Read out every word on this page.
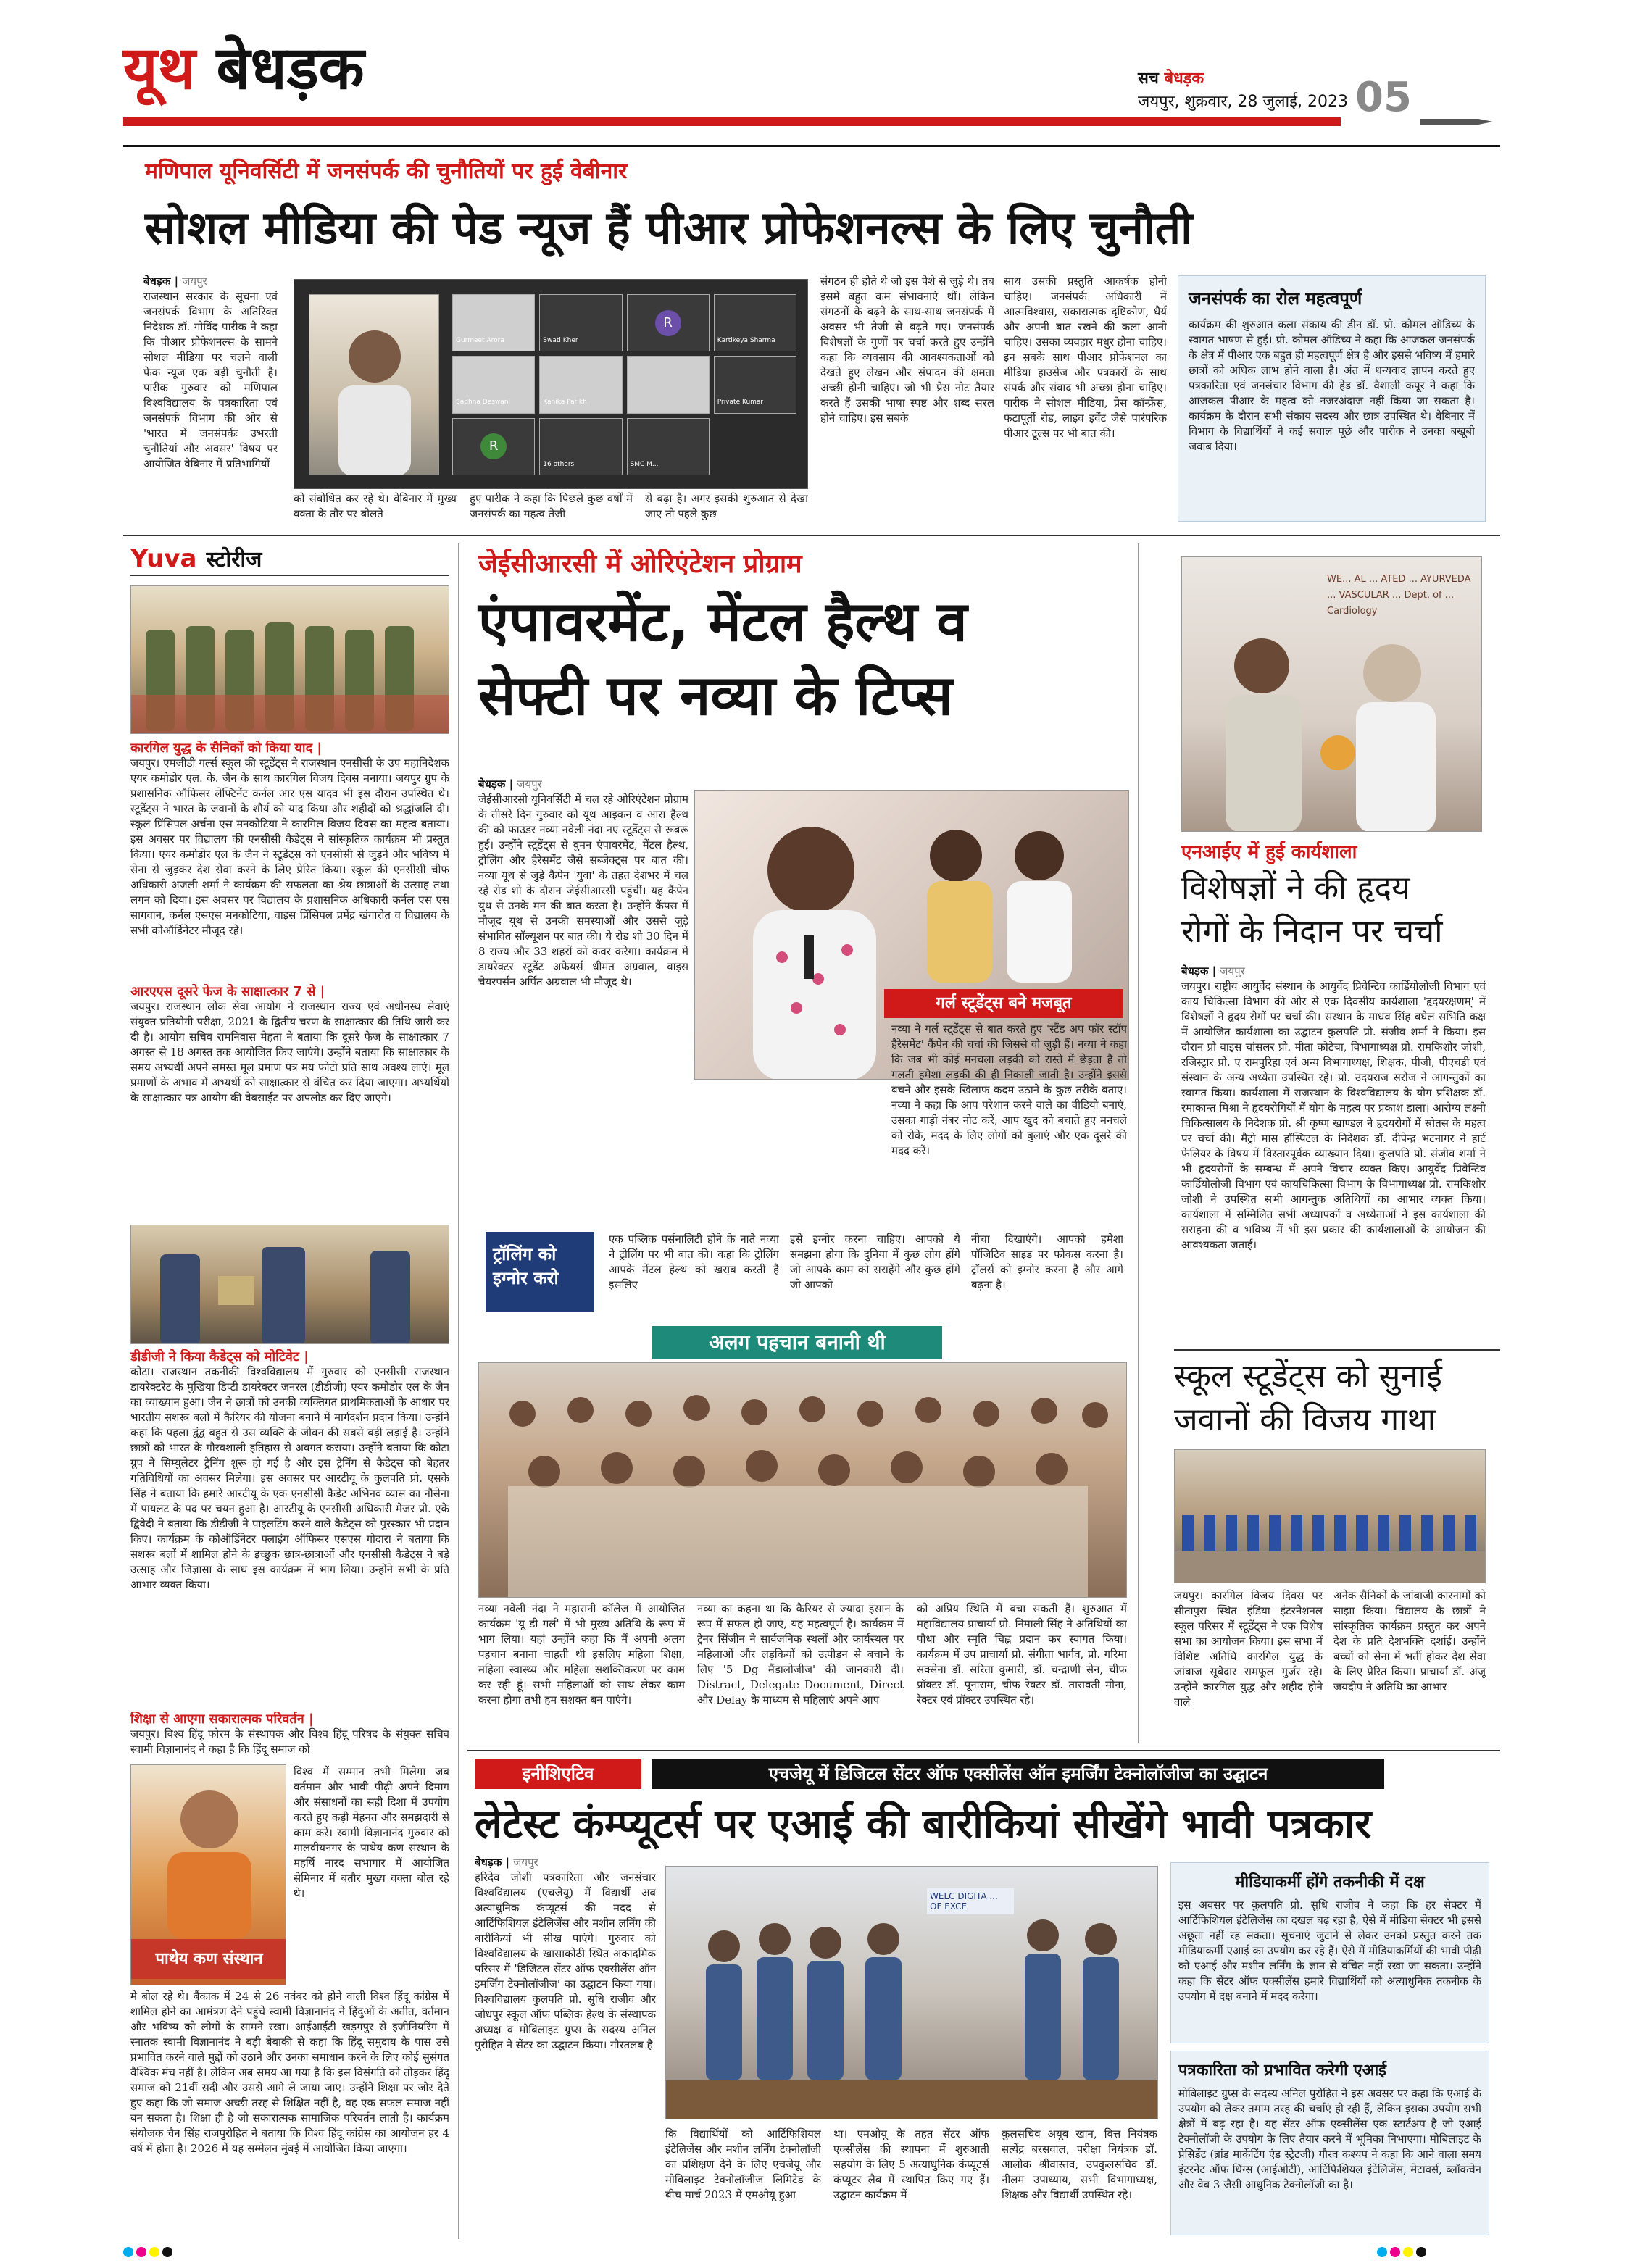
यूथ बेधड़क	सच बेधड़क
जयपुर, शुक्रवार, 28 जुलाई, 2023 05
मणिपाल यूनिवर्सिटी में जनसंपर्क की चुनौतियों पर हुई वेबीनार
सोशल मीडिया की पेड न्यूज हैं पीआर प्रोफेशनल्स के लिए चुनौती
बेधड़क | जयपुर
राजस्थान सरकार के सूचना एवं जनसंपर्क विभाग के अतिरिक्त निदेशक डॉ. गोविंद पारीक ने कहा कि पीआर प्रोफेशनल्स के सामने सोशल मीडिया पर चलने वाली फेक न्यूज एक बड़ी चुनौती है। पारीक गुरुवार को मणिपाल विश्वविद्यालय के पत्रकारिता एवं जनसंपर्क विभाग की ओर से 'भारत में जनसंपर्कः उभरती चुनौतियां और अवसर' विषय पर आयोजित वेबिनार में प्रतिभागियों
Gurmeet Arora	Swati Kher
R
Kartikeya Sharma
Sadhna Deswani	Kanika Parikh	Private Kumar
R
16 others	SMC M...
को संबोधित कर रहे थे। वेबिनार में मुख्य वक्ता के तौर पर बोलते
हुए पारीक ने कहा कि पिछले कुछ वर्षों में जनसंपर्क का महत्व तेजी
से बढ़ा है। अगर इसकी शुरुआत से देखा जाए तो पहले कुछ
संगठन ही होते थे जो इस पेशे से जुड़े थे। तब इसमें बहुत कम संभावनाएं थीं। लेकिन संगठनों के बढ़ने के साथ-साथ जनसंपर्क में अवसर भी तेजी से बढ़ते गए। जनसंपर्क विशेषज्ञों के गुणों पर चर्चा करते हुए उन्होंने कहा कि व्यवसाय की आवश्यकताओं को देखते हुए लेखन और संपादन की क्षमता अच्छी होनी चाहिए। जो भी प्रेस नोट तैयार करते हैं उसकी भाषा स्पष्ट और शब्द सरल होने चाहिए। इस सबके
साथ उसकी प्रस्तुति आकर्षक होनी चाहिए। जनसंपर्क अधिकारी में आत्मविश्वास, सकारात्मक दृष्टिकोण, धैर्य और अपनी बात रखने की कला आनी चाहिए। उसका व्यवहार मधुर होना चाहिए। इन सबके साथ पीआर प्रोफेशनल का मीडिया हाउसेज और पत्रकारों के साथ संपर्क और संवाद भी अच्छा होना चाहिए। पारीक ने सोशल मीडिया, प्रेस कॉन्फ्रेंस, फटापूर्ती रोड, लाइव इवेंट जैसे पारंपरिक पीआर टूल्स पर भी बात की।
जनसंपर्क का रोल महत्वपूर्ण
कार्यक्रम की शुरुआत कला संकाय की डीन डॉ. प्रो. कोमल ऑडिच्य के स्वागत भाषण से हुई। प्रो. कोमल ऑडिच्य ने कहा कि आजकल जनसंपर्क के क्षेत्र में पीआर एक बहुत ही महत्वपूर्ण क्षेत्र है और इससे भविष्य में हमारे छात्रों को अधिक लाभ होने वाला है। अंत में धन्यवाद ज्ञापन करते हुए पत्रकारिता एवं जनसंचार विभाग की हेड डॉ. वैशाली कपूर ने कहा कि आजकल पीआर के महत्व को नजरअंदाज नहीं किया जा सकता है। कार्यक्रम के दौरान सभी संकाय सदस्य और छात्र उपस्थित थे। वेबिनार में विभाग के विद्यार्थियों ने कई सवाल पूछे और पारीक ने उनका बखूबी जवाब दिया।
Yuva स्टोरीज
कारगिल युद्ध के सैनिकों को किया याद |
जयपुर। एमजीडी गर्ल्स स्कूल की स्टूडेंट्स ने राजस्थान एनसीसी के उप महानिदेशक एयर कमोडोर एल. के. जैन के साथ कारगिल विजय दिवस मनाया। जयपुर ग्रुप के प्रशासनिक ऑफिसर लेफ्टिनेंट कर्नल आर एस यादव भी इस दौरान उपस्थित थे। स्टूडेंट्स ने भारत के जवानों के शौर्य को याद किया और शहीदों को श्रद्धांजलि दी। स्कूल प्रिंसिपल अर्चना एस मनकोटिया ने कारगिल विजय दिवस का महत्व बताया। इस अवसर पर विद्यालय की एनसीसी कैडेट्स ने सांस्कृतिक कार्यक्रम भी प्रस्तुत किया। एयर कमोडोर एल के जैन ने स्टूडेंट्स को एनसीसी से जुड़ने और भविष्य में सेना से जुड़कर देश सेवा करने के लिए प्रेरित किया। स्कूल की एनसीसी चीफ अधिकारी अंजली शर्मा ने कार्यक्रम की सफलता का श्रेय छात्राओं के उत्साह तथा लगन को दिया। इस अवसर पर विद्यालय के प्रशासनिक अधिकारी कर्नल एस एस सागवान, कर्नल एसएस मनकोटिया, वाइस प्रिंसिपल प्रमेंद्र खंगारोत व विद्यालय के सभी कोऑर्डिनेटर मौजूद रहे।
आरएएस दूसरे फेज के साक्षात्कार 7 से |
जयपुर। राजस्थान लोक सेवा आयोग ने राजस्थान राज्य एवं अधीनस्थ सेवाएं संयुक्त प्रतियोगी परीक्षा, 2021 के द्वितीय चरण के साक्षात्कार की तिथि जारी कर दी है। आयोग सचिव रामनिवास मेहता ने बताया कि दूसरे फेज के साक्षात्कार 7 अगस्त से 18 अगस्त तक आयोजित किए जाएंगे। उन्होंने बताया कि साक्षात्कार के समय अभ्यर्थी अपने समस्त मूल प्रमाण पत्र मय फोटो प्रति साथ अवश्य लाएं। मूल प्रमाणों के अभाव में अभ्यर्थी को साक्षात्कार से वंचित कर दिया जाएगा। अभ्यर्थियों के साक्षात्कार पत्र आयोग की वेबसाईट पर अपलोड कर दिए जाएंगे।
डीडीजी ने किया कैडेट्स को मोटिवेट |
कोटा। राजस्थान तकनीकी विश्वविद्यालय में गुरुवार को एनसीसी राजस्थान डायरेक्टरेट के मुखिया डिप्टी डायरेक्टर जनरल (डीडीजी) एयर कमोडोर एल के जैन का व्याख्यान हुआ। जैन ने छात्रों को उनकी व्यक्तिगत प्राथमिकताओं के आधार पर भारतीय सशस्त्र बलों में कैरियर की योजना बनाने में मार्गदर्शन प्रदान किया। उन्होंने कहा कि पहला द्वंद्व बहुत से उस व्यक्ति के जीवन की सबसे बड़ी लड़ाई है। उन्होंने छात्रों को भारत के गौरवशाली इतिहास से अवगत कराया। उन्होंने बताया कि कोटा ग्रुप ने सिम्युलेटर ट्रेनिंग शुरू हो गई है और इस ट्रेनिंग से कैडेट्स को बेहतर गतिविधियों का अवसर मिलेगा। इस अवसर पर आरटीयू के कुलपति प्रो. एसके सिंह ने बताया कि हमारे आरटीयू के एक एनसीसी कैडेट अभिनव व्यास का नौसेना में पायलट के पद पर चयन हुआ है। आरटीयू के एनसीसी अधिकारी मेजर प्रो. एके द्विवेदी ने बताया कि डीडीजी ने पाइलटिंग करने वाले कैडेट्स को पुरस्कार भी प्रदान किए। कार्यक्रम के कोऑर्डिनेटर फ्लाइंग ऑफिसर एसएस गोदारा ने बताया कि सशस्त्र बलों में शामिल होने के इच्छुक छात्र-छात्राओं और एनसीसी कैडेट्स ने बड़े उत्साह और जिज्ञासा के साथ इस कार्यक्रम में भाग लिया। उन्होंने सभी के प्रति आभार व्यक्त किया।
शिक्षा से आएगा सकारात्मक परिवर्तन |
जयपुर। विश्व हिंदू फोरम के संस्थापक और विश्व हिंदू परिषद के संयुक्त सचिव स्वामी विज्ञानानंद ने कहा है कि हिंदू समाज को
पाथेय कण संस्थान
विश्व में सम्मान तभी मिलेगा जब वर्तमान और भावी पीढ़ी अपने दिमाग और संसाधनों का सही दिशा में उपयोग करते हुए कड़ी मेहनत और समझदारी से काम करें। स्वामी विज्ञानानंद गुरुवार को मालवीयनगर के पाथेय कण संस्थान के महर्षि नारद सभागार में आयोजित सेमिनार में बतौर मुख्य वक्ता बोल रहे थे।
मे बोल रहे थे। बैंकाक में 24 से 26 नवंबर को होने वाली विश्व हिंदू कांग्रेस में शामिल होने का आमंत्रण देने पहुंचे स्वामी विज्ञानानंद ने हिंदुओं के अतीत, वर्तमान और भविष्य को लोगों के सामने रखा। आईआईटी खड़गपुर से इंजीनियरिंग में स्नातक स्वामी विज्ञानानंद ने बड़ी बेबाकी से कहा कि हिंदू समुदाय के पास उसे प्रभावित करने वाले मुद्दों को उठाने और उनका समाधान करने के लिए कोई सुसंगत वैश्विक मंच नहीं है। लेकिन अब समय आ गया है कि इस विसंगति को तोड़कर हिंदू समाज को 21वीं सदी और उससे आगे ले जाया जाए। उन्होंने शिक्षा पर जोर देते हुए कहा कि जो समाज अच्छी तरह से शिक्षित नहीं है, वह एक सफल समाज नहीं बन सकता है। शिक्षा ही है जो सकारात्मक सामाजिक परिवर्तन लाती है। कार्यक्रम संयोजक चैन सिंह राजपुरोहित ने बताया कि विश्व हिंदू कांग्रेस का आयोजन हर 4 वर्ष में होता है। 2026 में यह सम्मेलन मुंबई में आयोजित किया जाएगा।
जेईसीआरसी में ओरिएंटेशन प्रोग्राम
एंपावरमेंट, मेंटल हैल्थ व
सेफ्टी पर नव्या के टिप्स
बेधड़क | जयपुर
जेईसीआरसी यूनिवर्सिटी में चल रहे ओरिएंटेशन प्रोग्राम के तीसरे दिन गुरुवार को यूथ आइकन व आरा हैल्थ की को फाउंडर नव्या नवेली नंदा नए स्टूडेंट्स से रूबरू हुईं। उन्होंने स्टूडेंट्स से वुमन एंपावरमेंट, मेंटल हैल्थ, ट्रोलिंग और हैरेसमेंट जैसे सब्जेक्ट्स पर बात की। नव्या यूथ से जुड़े कैंपेन 'युवा' के तहत देशभर में चल रहे रोड शो के दौरान जेईसीआरसी पहुंचीं। यह कैंपेन युथ से उनके मन की बात करता है। उन्होंने कैंपस में मौजूद यूथ से उनकी समस्याओं और उससे जुड़े संभावित सॉल्यूशन पर बात की। ये रोड शो 30 दिन में 8 राज्य और 33 शहरों को कवर करेगा। कार्यक्रम में डायरेक्टर स्टूडेंट अफेयर्स धीमंत अग्रवाल, वाइस चेयरपर्सन अर्पित अग्रवाल भी मौजूद थे।
गर्ल स्टूडेंट्स बने मजबूत
नव्या ने गर्ल स्टूडेंट्स से बात करते हुए 'स्टैंड अप फॉर स्टॉप हैरेसमेंट' कैंपेन की चर्चा की जिससे वो जुड़ी हैं। नव्या ने कहा कि जब भी कोई मनचला लड़की को रास्ते में छेड़ता है तो गलती हमेशा लड़की की ही निकाली जाती है। उन्होंने इससे बचने और इसके खिलाफ कदम उठाने के कुछ तरीके बताए। नव्या ने कहा कि आप परेशान करने वाले का वीडियो बनाएं, उसका गाड़ी नंबर नोट करें, आप खुद को बचाते हुए मनचले को रोकें, मदद के लिए लोगों को बुलाएं और एक दूसरे की मदद करें।
ट्रॉलिंग को इग्नोर करो
एक पब्लिक पर्सनालिटी होने के नाते नव्या ने ट्रोलिंग पर भी बात की। कहा कि ट्रोलिंग आपके मेंटल हेल्थ को खराब करती है इसलिए
इसे इग्नोर करना चाहिए। आपको ये समझना होगा कि दुनिया में कुछ लोग होंगे जो आपके काम को सराहेंगे और कुछ होंगे जो आपको
नीचा दिखाएंगे। आपको हमेशा पॉजिटिव साइड पर फोकस करना है। ट्रॉलर्स को इग्नोर करना है और आगे बढ़ना है।
अलग पहचान बनानी थी
नव्या नवेली नंदा ने महारानी कॉलेज में आयोजित कार्यक्रम 'यू डी गर्ल' में भी मुख्य अतिथि के रूप में भाग लिया। यहां उन्होंने कहा कि मैं अपनी अलग पहचान बनाना चाहती थी इसलिए महिला शिक्षा, महिला स्वास्थ्य और महिला सशक्तिकरण पर काम कर रही हूं। सभी महिलाओं को साथ लेकर काम करना होगा तभी हम सशक्त बन पाएंगे।
नव्या का कहना था कि कैरियर से ज्यादा इंसान के रूप में सफल हो जाएं, यह महत्वपूर्ण है। कार्यक्रम में ट्रेनर सिंजीन ने सार्वजनिक स्थलों और कार्यस्थल पर महिलाओं और लड़कियों को उत्पीड़न से बचाने के लिए '5 Dg मैंडालोजीज' की जानकारी दी। Distract, Delegate Document, Direct और Delay के माध्यम से महिलाएं अपने आप
को अप्रिय स्थिति में बचा सकती हैं। शुरुआत में महाविद्यालय प्राचार्या प्रो. निमाली सिंह ने अतिथियों का पौधा और स्मृति चिह्न प्रदान कर स्वागत किया। कार्यक्रम में उप प्राचार्या प्रो. संगीता भार्गव, प्रो. गरिमा सक्सेना डॉ. सरिता कुमारी, डॉ. चन्द्राणी सेन, चीफ प्रॉक्टर डॉ. पूनाराम, चीफ रेक्टर डॉ. तारावती मीना, रेक्टर एवं प्रॉक्टर उपस्थित रहे।
WE... AL ... ATED ... AYURVEDA ... VASCULAR ... Dept. of ... Cardiology
एनआईए में हुई कार्यशाला
विशेषज्ञों ने की हृदय
रोगों के निदान पर चर्चा
बेधड़क | जयपुर
जयपुर। राष्ट्रीय आयुर्वेद संस्थान के आयुर्वेद प्रिवेन्टिव कार्डियोलोजी विभाग एवं काय चिकित्सा विभाग की ओर से एक दिवसीय कार्यशाला 'हृदयरक्षणम्' में विशेषज्ञों ने हृदय रोगों पर चर्चा की। संस्थान के माधव सिंह बघेल सभिति कक्ष में आयोजित कार्यशाला का उद्घाटन कुलपति प्रो. संजीव शर्मा ने किया। इस दौरान प्रो वाइस चांसलर प्रो. मीता कोटेचा, विभागाध्यक्ष प्रो. रामकिशोर जोशी, रजिस्ट्रार प्रो. ए रामपुरिहा एवं अन्य विभागाध्यक्ष, शिक्षक, पीजी, पीएचडी एवं संस्थान के अन्य अध्येता उपस्थित रहे। प्रो. उदयराज सरोज ने आगन्तुकों का स्वागत किया। कार्यशाला में राजस्थान के विश्वविद्यालय के योग प्रशिक्षक डॉ. रमाकान्त मिश्रा ने हृदयरोगियों में योग के महत्व पर प्रकाश डाला। आरोग्य लक्ष्मी चिकित्सालय के निदेशक प्रो. श्री कृष्ण खाण्डल ने हृदयरोगों में स्रोतस के महत्व पर चर्चा की। मैट्रो मास हॉस्पिटल के निदेशक डॉ. दीपेन्द्र भटनागर ने हार्ट फेलियर के विषय में विस्तारपूर्वक व्याख्यान दिया। कुलपति प्रो. संजीव शर्मा ने भी हृदयरोगों के सम्बन्ध में अपने विचार व्यक्त किए। आयुर्वेद प्रिवेन्टिव कार्डियोलोजी विभाग एवं कायचिकित्सा विभाग के विभागाध्यक्ष प्रो. रामकिशोर जोशी ने उपस्थित सभी आगन्तुक अतिथियों का आभार व्यक्त किया। कार्यशाला में सम्मिलित सभी अध्यापकों व अध्येताओं ने इस कार्यशाला की सराहना की व भविष्य में भी इस प्रकार की कार्यशालाओं के आयोजन की आवश्यकता जताई।
स्कूल स्टूडेंट्स को सुनाई
जवानों की विजय गाथा
जयपुर। कारगिल विजय दिवस पर सीतापुरा स्थित इंडिया इंटरनेशनल स्कूल परिसर में स्टूडेंट्स ने एक विशेष सभा का आयोजन किया। इस सभा में विशिष्ट अतिथि कारगिल युद्ध के जांबाज सूबेदार रामफूल गुर्जर रहे। उन्होंने कारगिल युद्ध और शहीद होने वाले
अनेक सैनिकों के जांबाजी कारनामों को साझा किया। विद्यालय के छात्रों ने सांस्कृतिक कार्यक्रम प्रस्तुत कर अपने देश के प्रति देशभक्ति दर्शाई। उन्होंने बच्चों को सेना में भर्ती होकर देश सेवा के लिए प्रेरित किया। प्राचार्या डॉ. अंजू जयदीप ने अतिथि का आभार
इनीशिएटिव	एचजेयू में डिजिटल सेंटर ऑफ एक्सीलेंस ऑन इमर्जिंग टेक्नोलॉजीज का उद्घाटन
लेटेस्ट कंम्प्यूटर्स पर एआई की बारीकियां सीखेंगे भावी पत्रकार
बेधड़क | जयपुर
हरिदेव जोशी पत्रकारिता और जनसंचार विश्वविद्यालय (एचजेयू) में विद्यार्थी अब अत्याधुनिक कंप्यूटर्स की मदद से आर्टिफिशियल इंटेलिजेंस और मशीन लर्निंग की बारीकियां भी सीख पाएंगे। गुरुवार को विश्वविद्यालय के खासाकोठी स्थित अकादमिक परिसर में 'डिजिटल सेंटर ऑफ एक्सीलेंस ऑन इमर्जिंग टेक्नोलॉजीज' का उद्घाटन किया गया। विश्वविद्यालय कुलपति प्रो. सुधि राजीव और जोधपुर स्कूल ऑफ पब्लिक हेल्थ के संस्थापक अध्यक्ष व मोबिलाइट ग्रुप्स के सदस्य अनिल पुरोहित ने सेंटर का उद्घाटन किया। गौरतलब है
WELC DIGITA ... OF EXCE
कि विद्यार्थियों को आर्टिफिशियल इंटेलिजेंस और मशीन लर्निंग टेक्नोलॉजी का प्रशिक्षण देने के लिए एचजेयू और मोबिलाइट टेक्नोलॉजीज लिमिटेड के बीच मार्च 2023 में एमओयू हुआ
था। एमओयू के तहत सेंटर ऑफ एक्सीलेंस की स्थापना में शुरुआती सहयोग के लिए 5 अत्याधुनिक कंप्यूटर्स कंप्यूटर लैब में स्थापित किए गए हैं। उद्घाटन कार्यक्रम में
कुलसचिव अयूब खान, वित्त नियंत्रक सत्येंद्र बरसवाल, परीक्षा नियंत्रक डॉ. आलोक श्रीवास्तव, उपकुलसचिव डॉ. नीलम उपाध्याय, सभी विभागाध्यक्ष, शिक्षक और विद्यार्थी उपस्थित रहे।
मीडियाकर्मी होंगे तकनीकी में दक्ष
इस अवसर पर कुलपति प्रो. सुधि राजीव ने कहा कि हर सेक्टर में आर्टिफिशियल इंटेलिजेंस का दखल बढ़ रहा है, ऐसे में मीडिया सेक्टर भी इससे अछूता नहीं रह सकता। सूचनाएं जुटाने से लेकर उनको प्रस्तुत करने तक मीडियाकर्मी एआई का उपयोग कर रहे हैं। ऐसे में मीडियाकर्मियों की भावी पीढ़ी को एआई और मशीन लर्निंग के ज्ञान से वंचित नहीं रखा जा सकता। उन्होंने कहा कि सेंटर ऑफ एक्सीलेंस हमारे विद्यार्थियों को अत्याधुनिक तकनीक के उपयोग में दक्ष बनाने में मदद करेगा।
पत्रकारिता को प्रभावित करेगी एआई
मोबिलाइट ग्रुप्स के सदस्य अनिल पुरोहित ने इस अवसर पर कहा कि एआई के उपयोग को लेकर तमाम तरह की चर्चाएं हो रही हैं, लेकिन इसका उपयोग सभी क्षेत्रों में बढ़ रहा है। यह सेंटर ऑफ एक्सीलेंस एक स्टार्टअप है जो एआई टेक्नोलॉजी के उपयोग के लिए तैयार करने में भूमिका निभाएगा। मोबिलाइट के प्रेसिडेंट (ब्रांड मार्केटिंग एंड स्ट्रेटजी) गौरव कश्यप ने कहा कि आने वाला समय इंटरनेट ऑफ थिंग्स (आईओटी), आर्टिफिशियल इंटेलिजेंस, मेटावर्स, ब्लॉकचेन और वेब 3 जैसी आधुनिक टेक्नोलॉजी का है।
